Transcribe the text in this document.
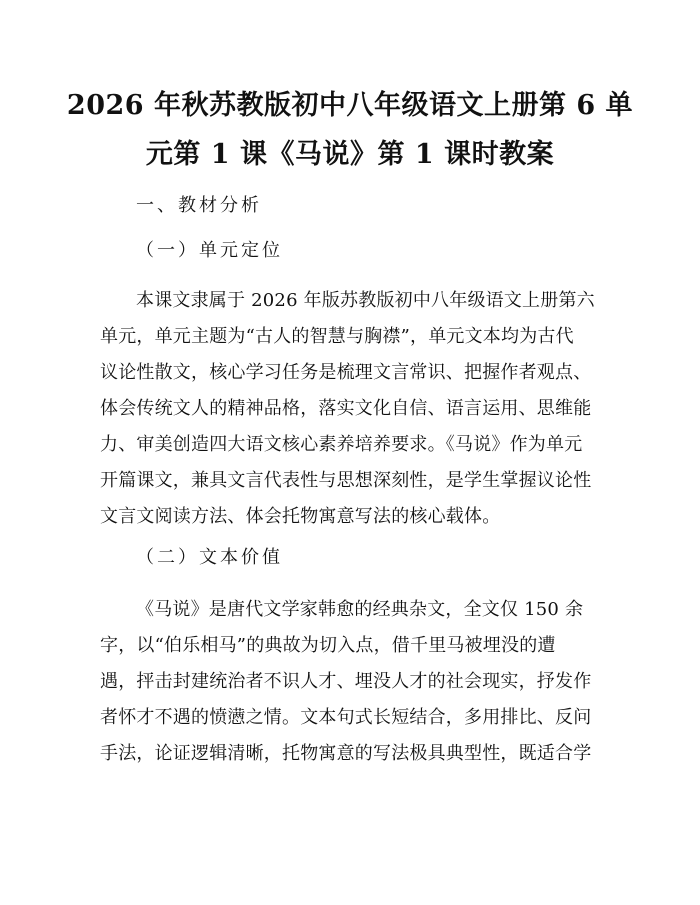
2026 年秋苏教版初中八年级语文上册第 6 单
元第 1 课《马说》第 1 课时教案
一、教材分析
（一）单元定位
本课文隶属于 2026 年版苏教版初中八年级语文上册第六
单元，单元主题为“古人的智慧与胸襟”，单元文本均为古代
议论性散文，核心学习任务是梳理文言常识、把握作者观点、
体会传统文人的精神品格，落实文化自信、语言运用、思维能
力、审美创造四大语文核心素养培养要求。《马说》作为单元
开篇课文，兼具文言代表性与思想深刻性，是学生掌握议论性
文言文阅读方法、体会托物寓意写法的核心载体。
（二）文本价值
《马说》是唐代文学家韩愈的经典杂文，全文仅 150 余
字，以“伯乐相马”的典故为切入点，借千里马被埋没的遭
遇，抨击封建统治者不识人才、埋没人才的社会现实，抒发作
者怀才不遇的愤懑之情。文本句式长短结合，多用排比、反问
手法，论证逻辑清晰，托物寓意的写法极具典型性，既适合学
